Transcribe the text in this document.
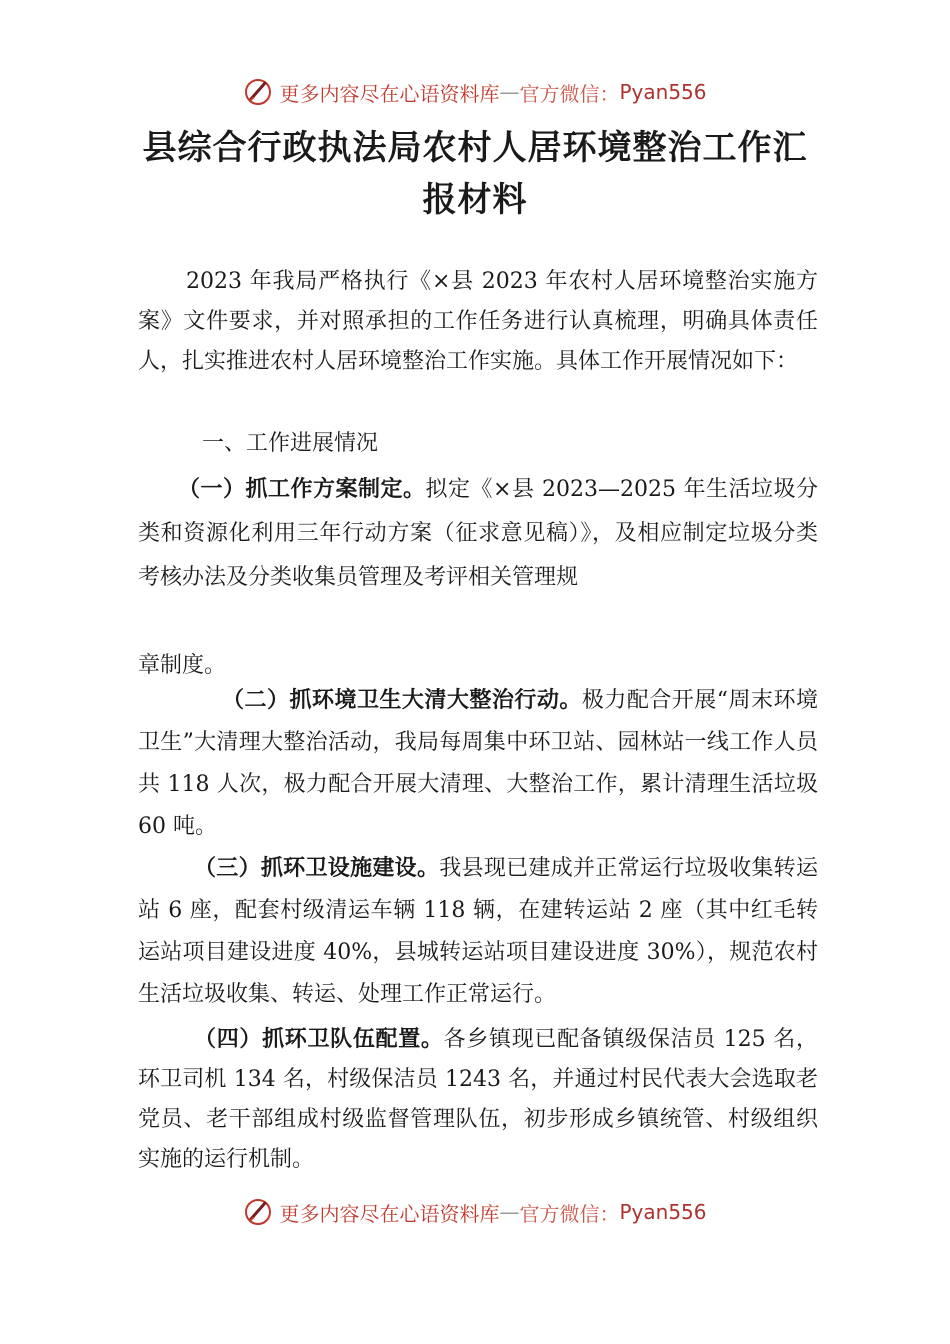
更多内容尽在心语资料库 — 官方微信： Pyan556
县综合行政执法局农村人居环境整治工作汇
报材料

2023 年我局严格执行《×县 2023 年农村人居环境整治实施方案》文件要求，并对照承担的工作任务进行认真梳理，明确具体责任人，扎实推进农村人居环境整治工作实施。具体工作开展情况如下：

一、工作进展情况

（一）抓工作方案制定。拟定《×县 2023—2025 年生活垃圾分类和资源化利用三年行动方案（征求意见稿）》，及相应制定垃圾分类考核办法及分类收集员管理及考评相关管理规

章制度。

（二）抓环境卫生大清大整治行动。极力配合开展“周末环境卫生”大清理大整治活动，我局每周集中环卫站、园林站一线工作人员共 118 人次，极力配合开展大清理、大整治工作，累计清理生活垃圾 60 吨。

（三）抓环卫设施建设。我县现已建成并正常运行垃圾收集转运站 6 座，配套村级清运车辆 118 辆，在建转运站 2 座（其中红毛转运站项目建设进度 40%，县城转运站项目建设进度 30%），规范农村生活垃圾收集、转运、处理工作正常运行。

（四）抓环卫队伍配置。各乡镇现已配备镇级保洁员 125 名，环卫司机 134 名，村级保洁员 1243 名，并通过村民代表大会选取老党员、老干部组成村级监督管理队伍，初步形成乡镇统管、村级组织实施的运行机制。

更多内容尽在心语资料库 — 官方微信： Pyan556
